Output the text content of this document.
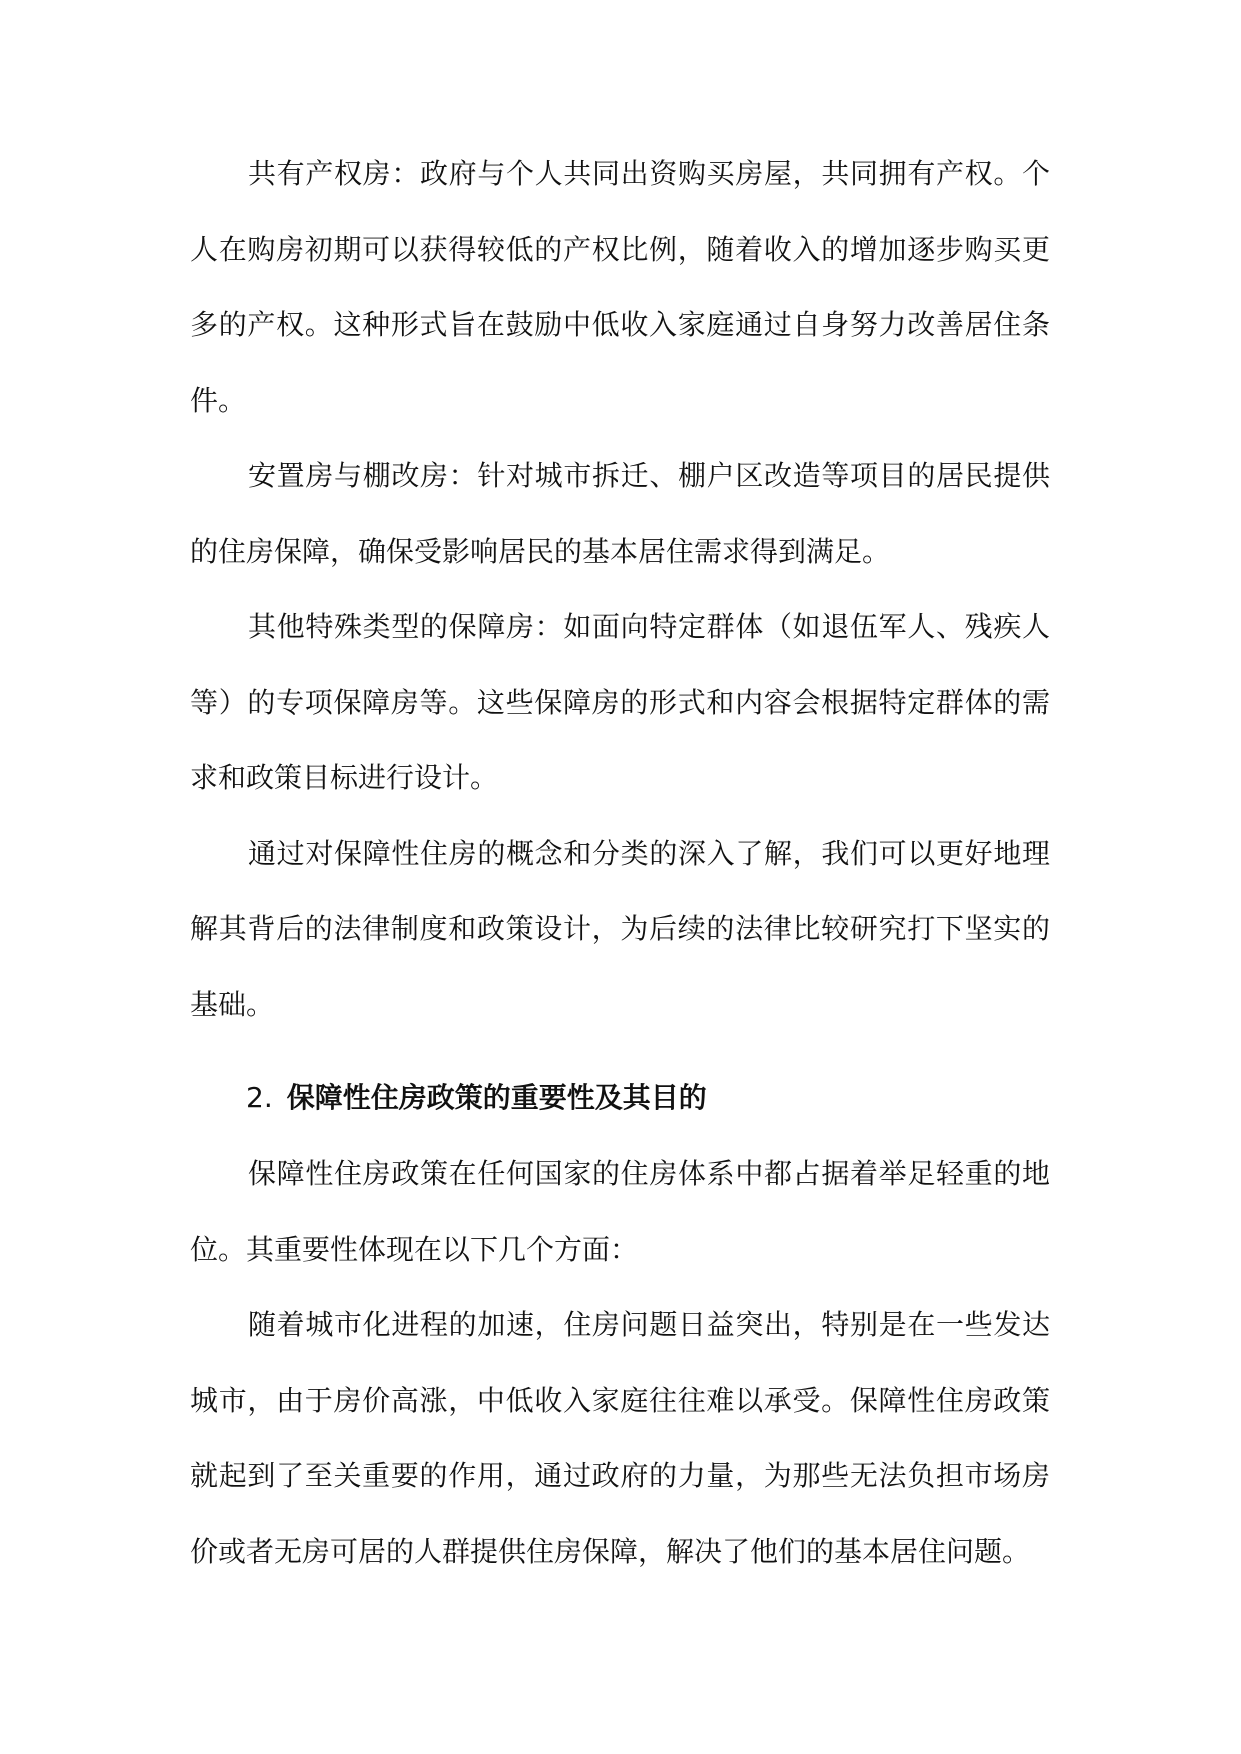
共有产权房：政府与个人共同出资购买房屋，共同拥有产权。个人在购房初期可以获得较低的产权比例，随着收入的增加逐步购买更多的产权。这种形式旨在鼓励中低收入家庭通过自身努力改善居住条件。

安置房与棚改房：针对城市拆迁、棚户区改造等项目的居民提供的住房保障，确保受影响居民的基本居住需求得到满足。

其他特殊类型的保障房：如面向特定群体（如退伍军人、残疾人等）的专项保障房等。这些保障房的形式和内容会根据特定群体的需求和政策目标进行设计。

通过对保障性住房的概念和分类的深入了解，我们可以更好地理解其背后的法律制度和政策设计，为后续的法律比较研究打下坚实的基础。

2. 保障性住房政策的重要性及其目的

保障性住房政策在任何国家的住房体系中都占据着举足轻重的地位。其重要性体现在以下几个方面：

随着城市化进程的加速，住房问题日益突出，特别是在一些发达城市，由于房价高涨，中低收入家庭往往难以承受。保障性住房政策就起到了至关重要的作用，通过政府的力量，为那些无法负担市场房价或者无房可居的人群提供住房保障，解决了他们的基本居住问题。
